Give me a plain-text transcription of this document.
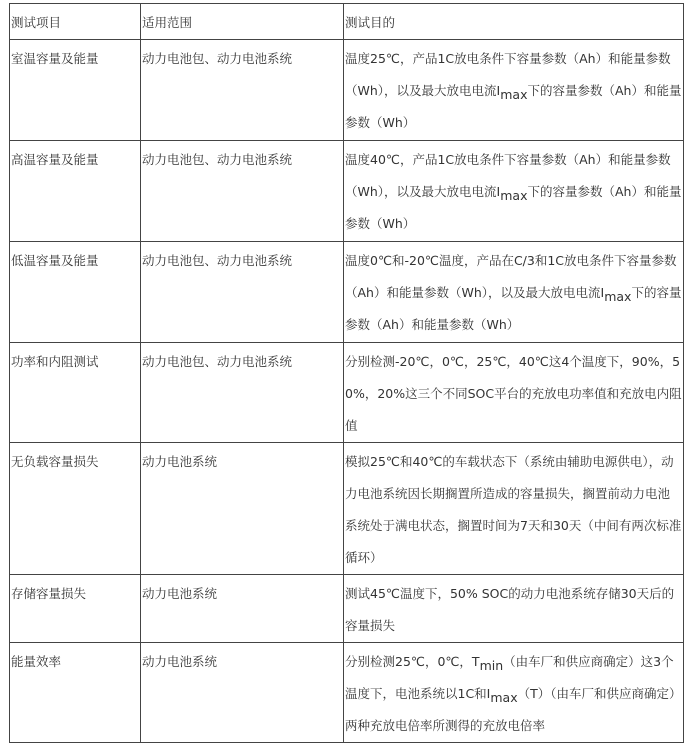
测试项目	适用范围	测试目的
室温容量及能量	动力电池包、动力电池系统	温度25℃，产品1C放电条件下容量参数（Ah）和能量参数（Wh），以及最大放电电流$I_{max}$下的容量参数（Ah）和能量参数（Wh）
高温容量及能量	动力电池包、动力电池系统	温度40℃，产品1C放电条件下容量参数（Ah）和能量参数（Wh），以及最大放电电流$I_{max}$下的容量参数（Ah）和能量参数（Wh）
低温容量及能量	动力电池包、动力电池系统	温度0℃和-20℃温度，产品在C/3和1C放电条件下容量参数（Ah）和能量参数（Wh），以及最大放电电流$I_{max}$下的容量参数（Ah）和能量参数（Wh）
功率和内阻测试	动力电池包、动力电池系统	分别检测-20℃，0℃，25℃，40℃这4个温度下，90%，50%，20%这三个不同SOC平台的充放电功率值和充放电内阻值
无负载容量损失	动力电池系统	模拟25℃和40℃的车载状态下（系统由辅助电源供电），动力电池系统因长期搁置所造成的容量损失，搁置前动力电池系统处于满电状态，搁置时间为7天和30天（中间有两次标准循环）
存储容量损失	动力电池系统	测试45℃温度下，50% SOC的动力电池系统存储30天后的容量损失
能量效率	动力电池系统	分别检测25℃，0℃，$T_{min}$（由车厂和供应商确定）这3个温度下，电池系统以1C和$I_{max}(T)$（由车厂和供应商确定）两种充放电倍率所测得的充放电倍率
